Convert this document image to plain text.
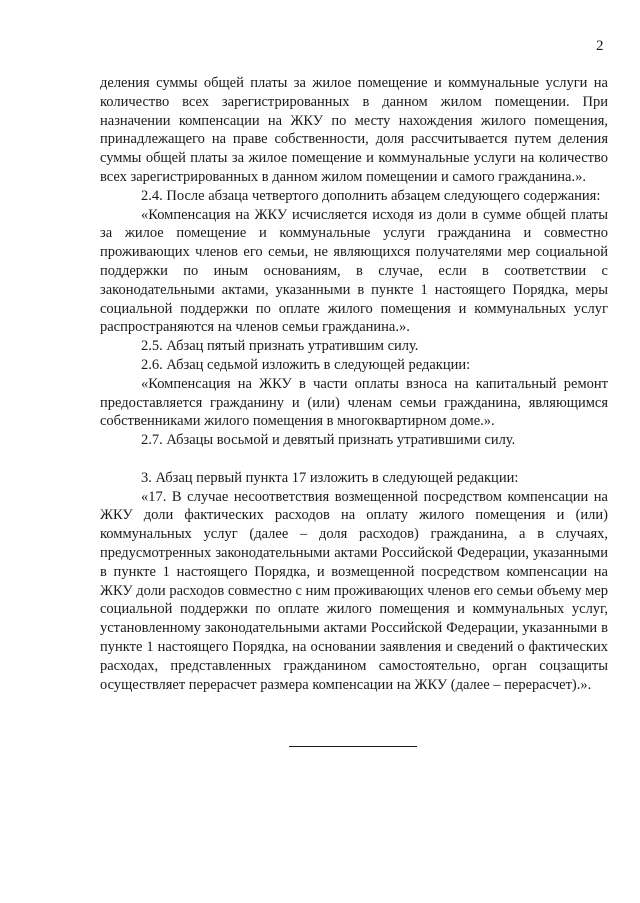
2

деления суммы общей платы за жилое помещение и коммунальные услуги на количество всех зарегистрированных в данном жилом помещении. При назначении компенсации на ЖКУ по месту нахождения жилого помещения, принадлежащего на праве собственности, доля рассчитывается путем деления суммы общей платы за жилое помещение и коммунальные услуги на количество всех зарегистрированных в данном жилом помещении и самого гражданина.».

2.4. После абзаца четвертого дополнить абзацем следующего содержания:

«Компенсация на ЖКУ исчисляется исходя из доли в сумме общей платы за жилое помещение и коммунальные услуги гражданина и совместно проживающих членов его семьи, не являющихся получателями мер социальной поддержки по иным основаниям, в случае, если в соответствии с законодательными актами, указанными в пункте 1 настоящего Порядка, меры социальной поддержки по оплате жилого помещения и коммунальных услуг распространяются на членов семьи гражданина.».

2.5. Абзац пятый признать утратившим силу.

2.6. Абзац седьмой изложить в следующей редакции:

«Компенсация на ЖКУ в части оплаты взноса на капитальный ремонт предоставляется гражданину и (или) членам семьи гражданина, являющимся собственниками жилого помещения в многоквартирном доме.».

2.7. Абзацы восьмой и девятый признать утратившими силу.

3. Абзац первый пункта 17 изложить в следующей редакции:

«17. В случае несоответствия возмещенной посредством компенсации на ЖКУ доли фактических расходов на оплату жилого помещения и (или) коммунальных услуг (далее – доля расходов) гражданина, а в случаях, предусмотренных законодательными актами Российской Федерации, указанными в пункте 1 настоящего Порядка, и возмещенной посредством компенсации на ЖКУ доли расходов совместно с ним проживающих членов его семьи объему мер социальной поддержки по оплате жилого помещения и коммунальных услуг, установленному законодательными актами Российской Федерации, указанными в пункте 1 настоящего Порядка, на основании заявления и сведений о фактических расходах, представленных гражданином самостоятельно, орган соцзащиты осуществляет перерасчет размера компенсации на ЖКУ (далее – перерасчет).».
